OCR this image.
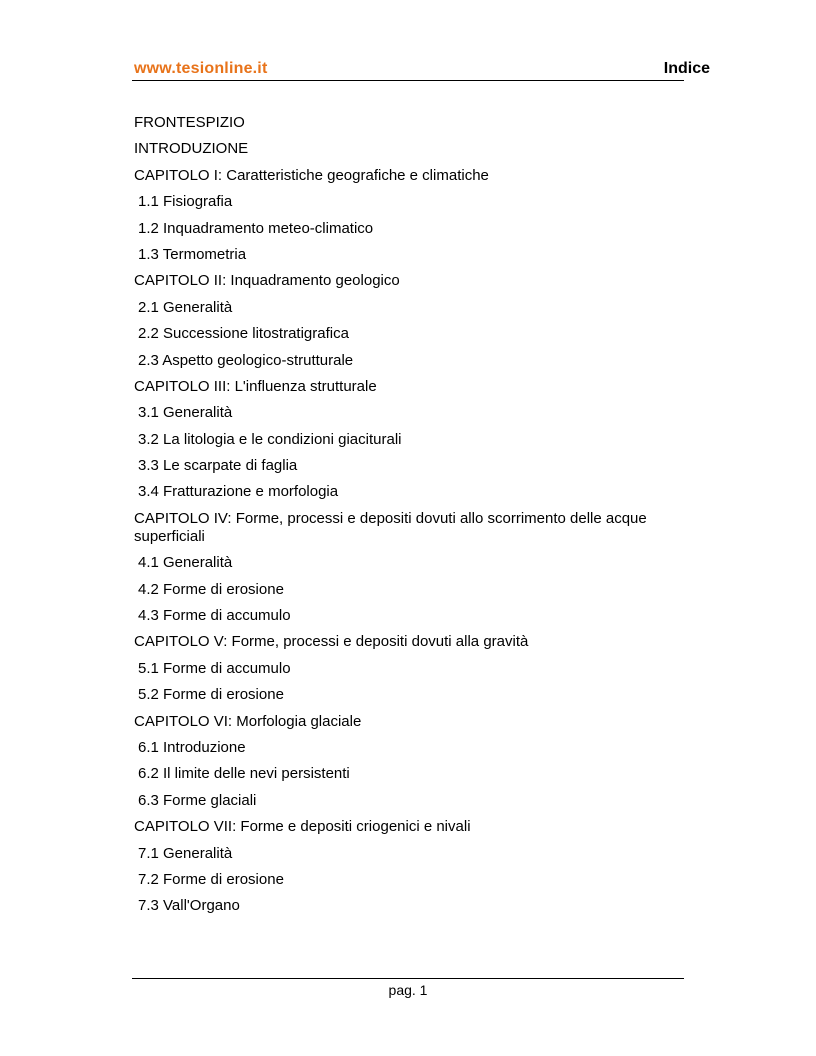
www.tesionline.it	Indice
FRONTESPIZIO
INTRODUZIONE
CAPITOLO I: Caratteristiche geografiche e climatiche
1.1 Fisiografia
1.2 Inquadramento meteo-climatico
1.3 Termometria
CAPITOLO II: Inquadramento geologico
2.1 Generalità
2.2 Successione litostratigrafica
2.3 Aspetto geologico-strutturale
CAPITOLO III: L'influenza strutturale
3.1 Generalità
3.2 La litologia e le condizioni giaciturali
3.3 Le scarpate di faglia
3.4 Fratturazione e morfologia
CAPITOLO IV: Forme, processi e depositi dovuti allo scorrimento delle acque superficiali
4.1 Generalità
4.2 Forme di erosione
4.3 Forme di accumulo
CAPITOLO V: Forme, processi e depositi dovuti alla gravità
5.1 Forme di accumulo
5.2 Forme di erosione
CAPITOLO VI: Morfologia glaciale
6.1 Introduzione
6.2 Il limite delle nevi persistenti
6.3 Forme glaciali
CAPITOLO VII: Forme e depositi criogenici e nivali
7.1 Generalità
7.2 Forme di erosione
7.3 Vall'Organo
pag. 1
